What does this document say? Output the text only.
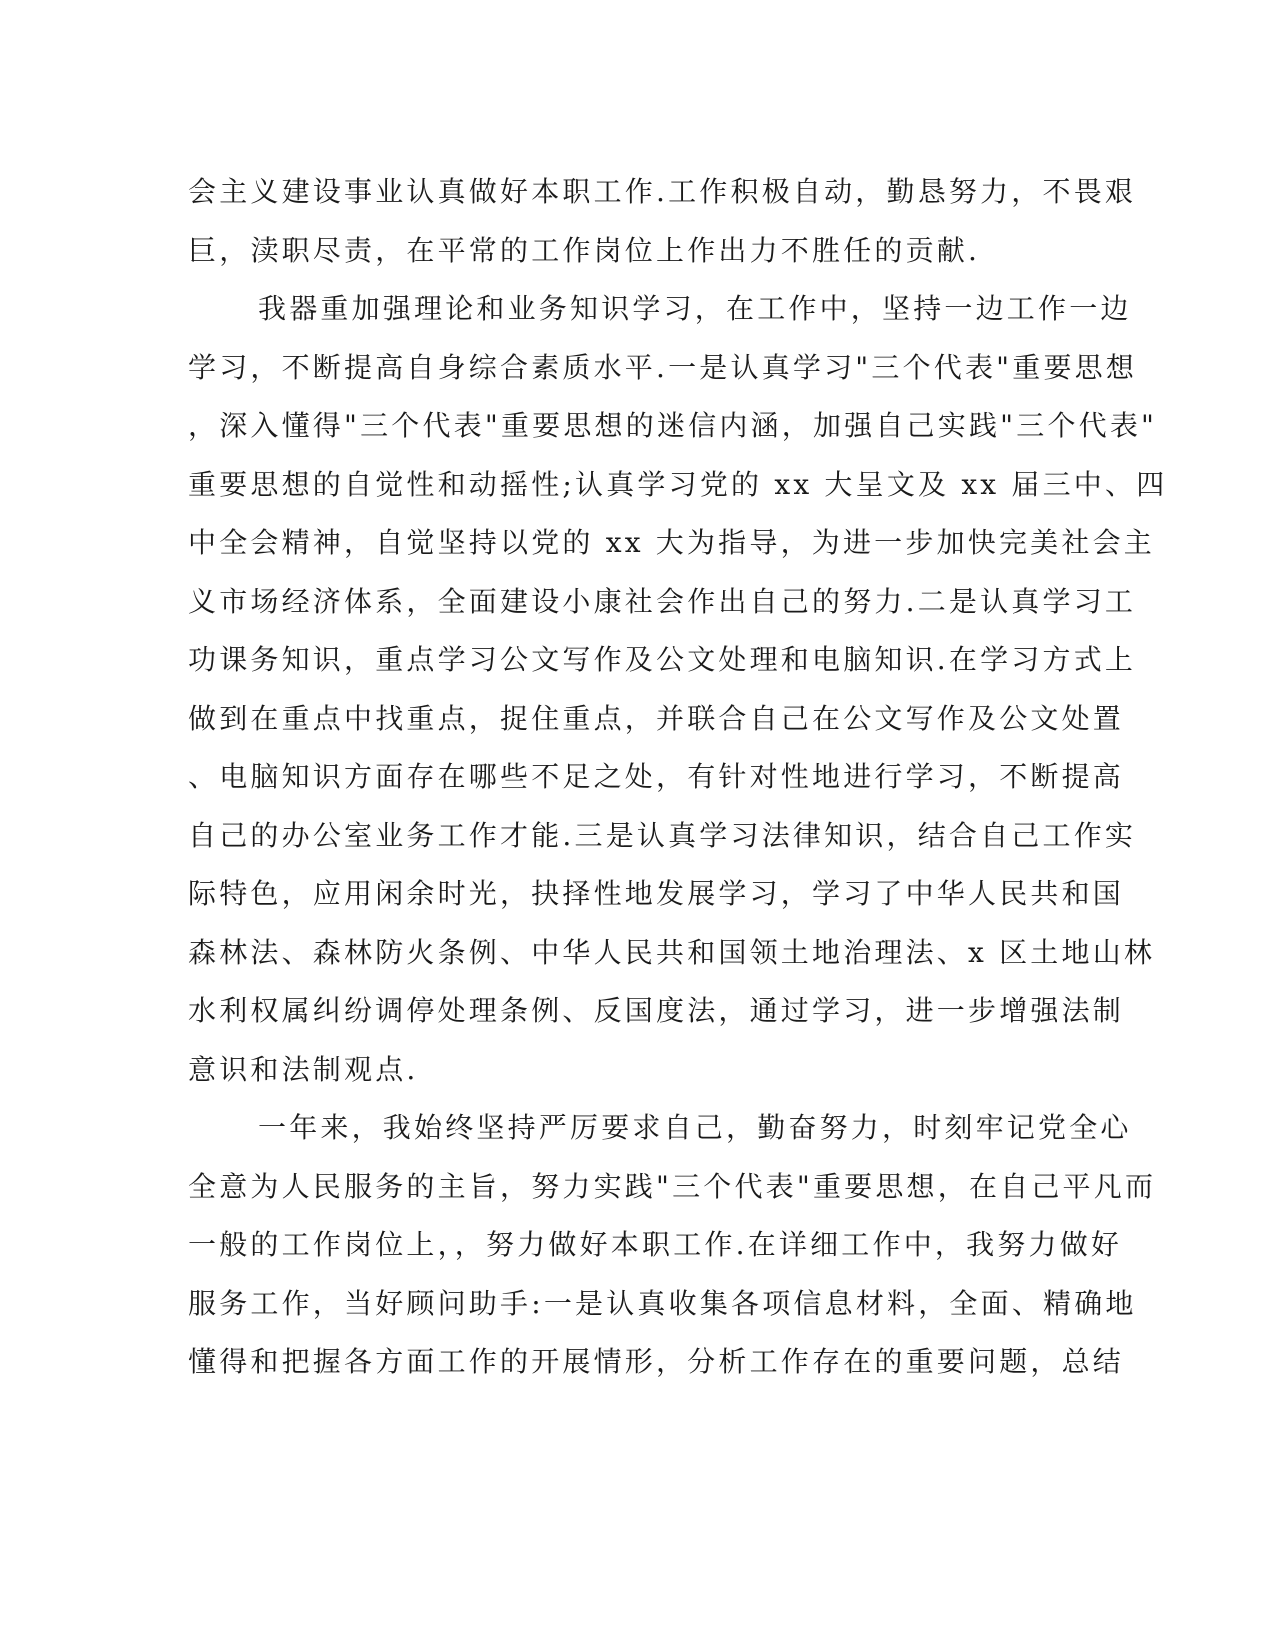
会主义建设事业认真做好本职工作.工作积极自动，勤恳努力，不畏艰
巨，渎职尽责，在平常的工作岗位上作出力不胜任的贡献.
我器重加强理论和业务知识学习，在工作中，坚持一边工作一边
学习，不断提高自身综合素质水平.一是认真学习"三个代表"重要思想
，深入懂得"三个代表"重要思想的迷信内涵，加强自己实践"三个代表"
重要思想的自觉性和动摇性;认真学习党的 xx 大呈文及 xx 届三中、四
中全会精神，自觉坚持以党的 xx 大为指导，为进一步加快完美社会主
义市场经济体系，全面建设小康社会作出自己的努力.二是认真学习工
功课务知识，重点学习公文写作及公文处理和电脑知识.在学习方式上
做到在重点中找重点，捉住重点，并联合自己在公文写作及公文处置
、电脑知识方面存在哪些不足之处，有针对性地进行学习，不断提高
自己的办公室业务工作才能.三是认真学习法律知识，结合自己工作实
际特色，应用闲余时光，抉择性地发展学习，学习了中华人民共和国
森林法、森林防火条例、中华人民共和国领土地治理法、x 区土地山林
水利权属纠纷调停处理条例、反国度法，通过学习，进一步增强法制
意识和法制观点.
一年来，我始终坚持严厉要求自己，勤奋努力，时刻牢记党全心
全意为人民服务的主旨，努力实践"三个代表"重要思想，在自己平凡而
一般的工作岗位上，，努力做好本职工作.在详细工作中，我努力做好
服务工作，当好顾问助手:一是认真收集各项信息材料，全面、精确地
懂得和把握各方面工作的开展情形，分析工作存在的重要问题，总结
